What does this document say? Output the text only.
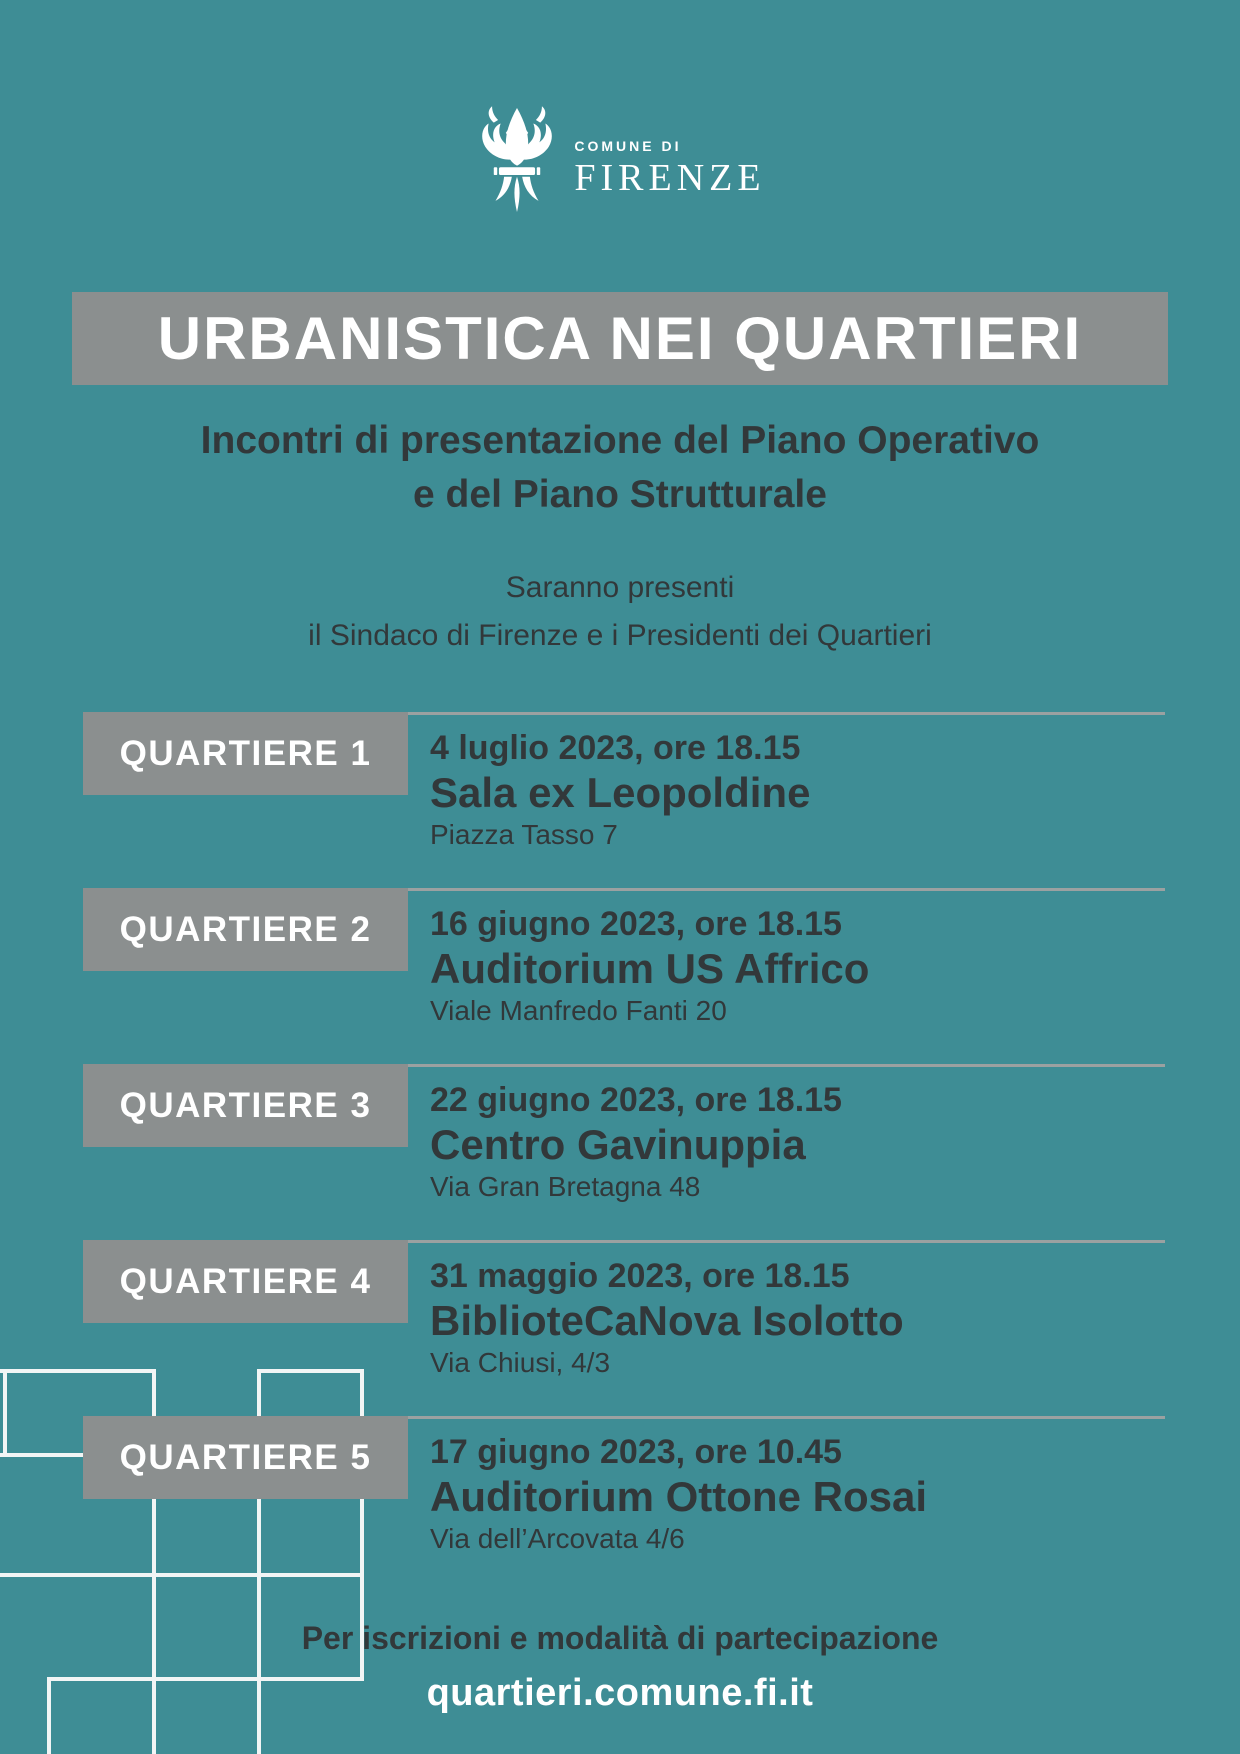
COMUNE DI
FIRENZE
URBANISTICA NEI QUARTIERI
Incontri di presentazione del Piano Operativo
e del Piano Strutturale
Saranno presenti
il Sindaco di Firenze e i Presidenti dei Quartieri
QUARTIERE 1 4 luglio 2023, ore 18.15
Sala ex Leopoldine
Piazza Tasso 7
QUARTIERE 2 16 giugno 2023, ore 18.15
Auditorium US Affrico
Viale Manfredo Fanti 20
QUARTIERE 3 22 giugno 2023, ore 18.15
Centro Gavinuppia
Via Gran Bretagna 48
QUARTIERE 4 31 maggio 2023, ore 18.15
BiblioteCaNova Isolotto
Via Chiusi, 4/3
QUARTIERE 5 17 giugno 2023, ore 10.45
Auditorium Ottone Rosai
Via dell’Arcovata 4/6
Per iscrizioni e modalità di partecipazione
quartieri.comune.fi.it
